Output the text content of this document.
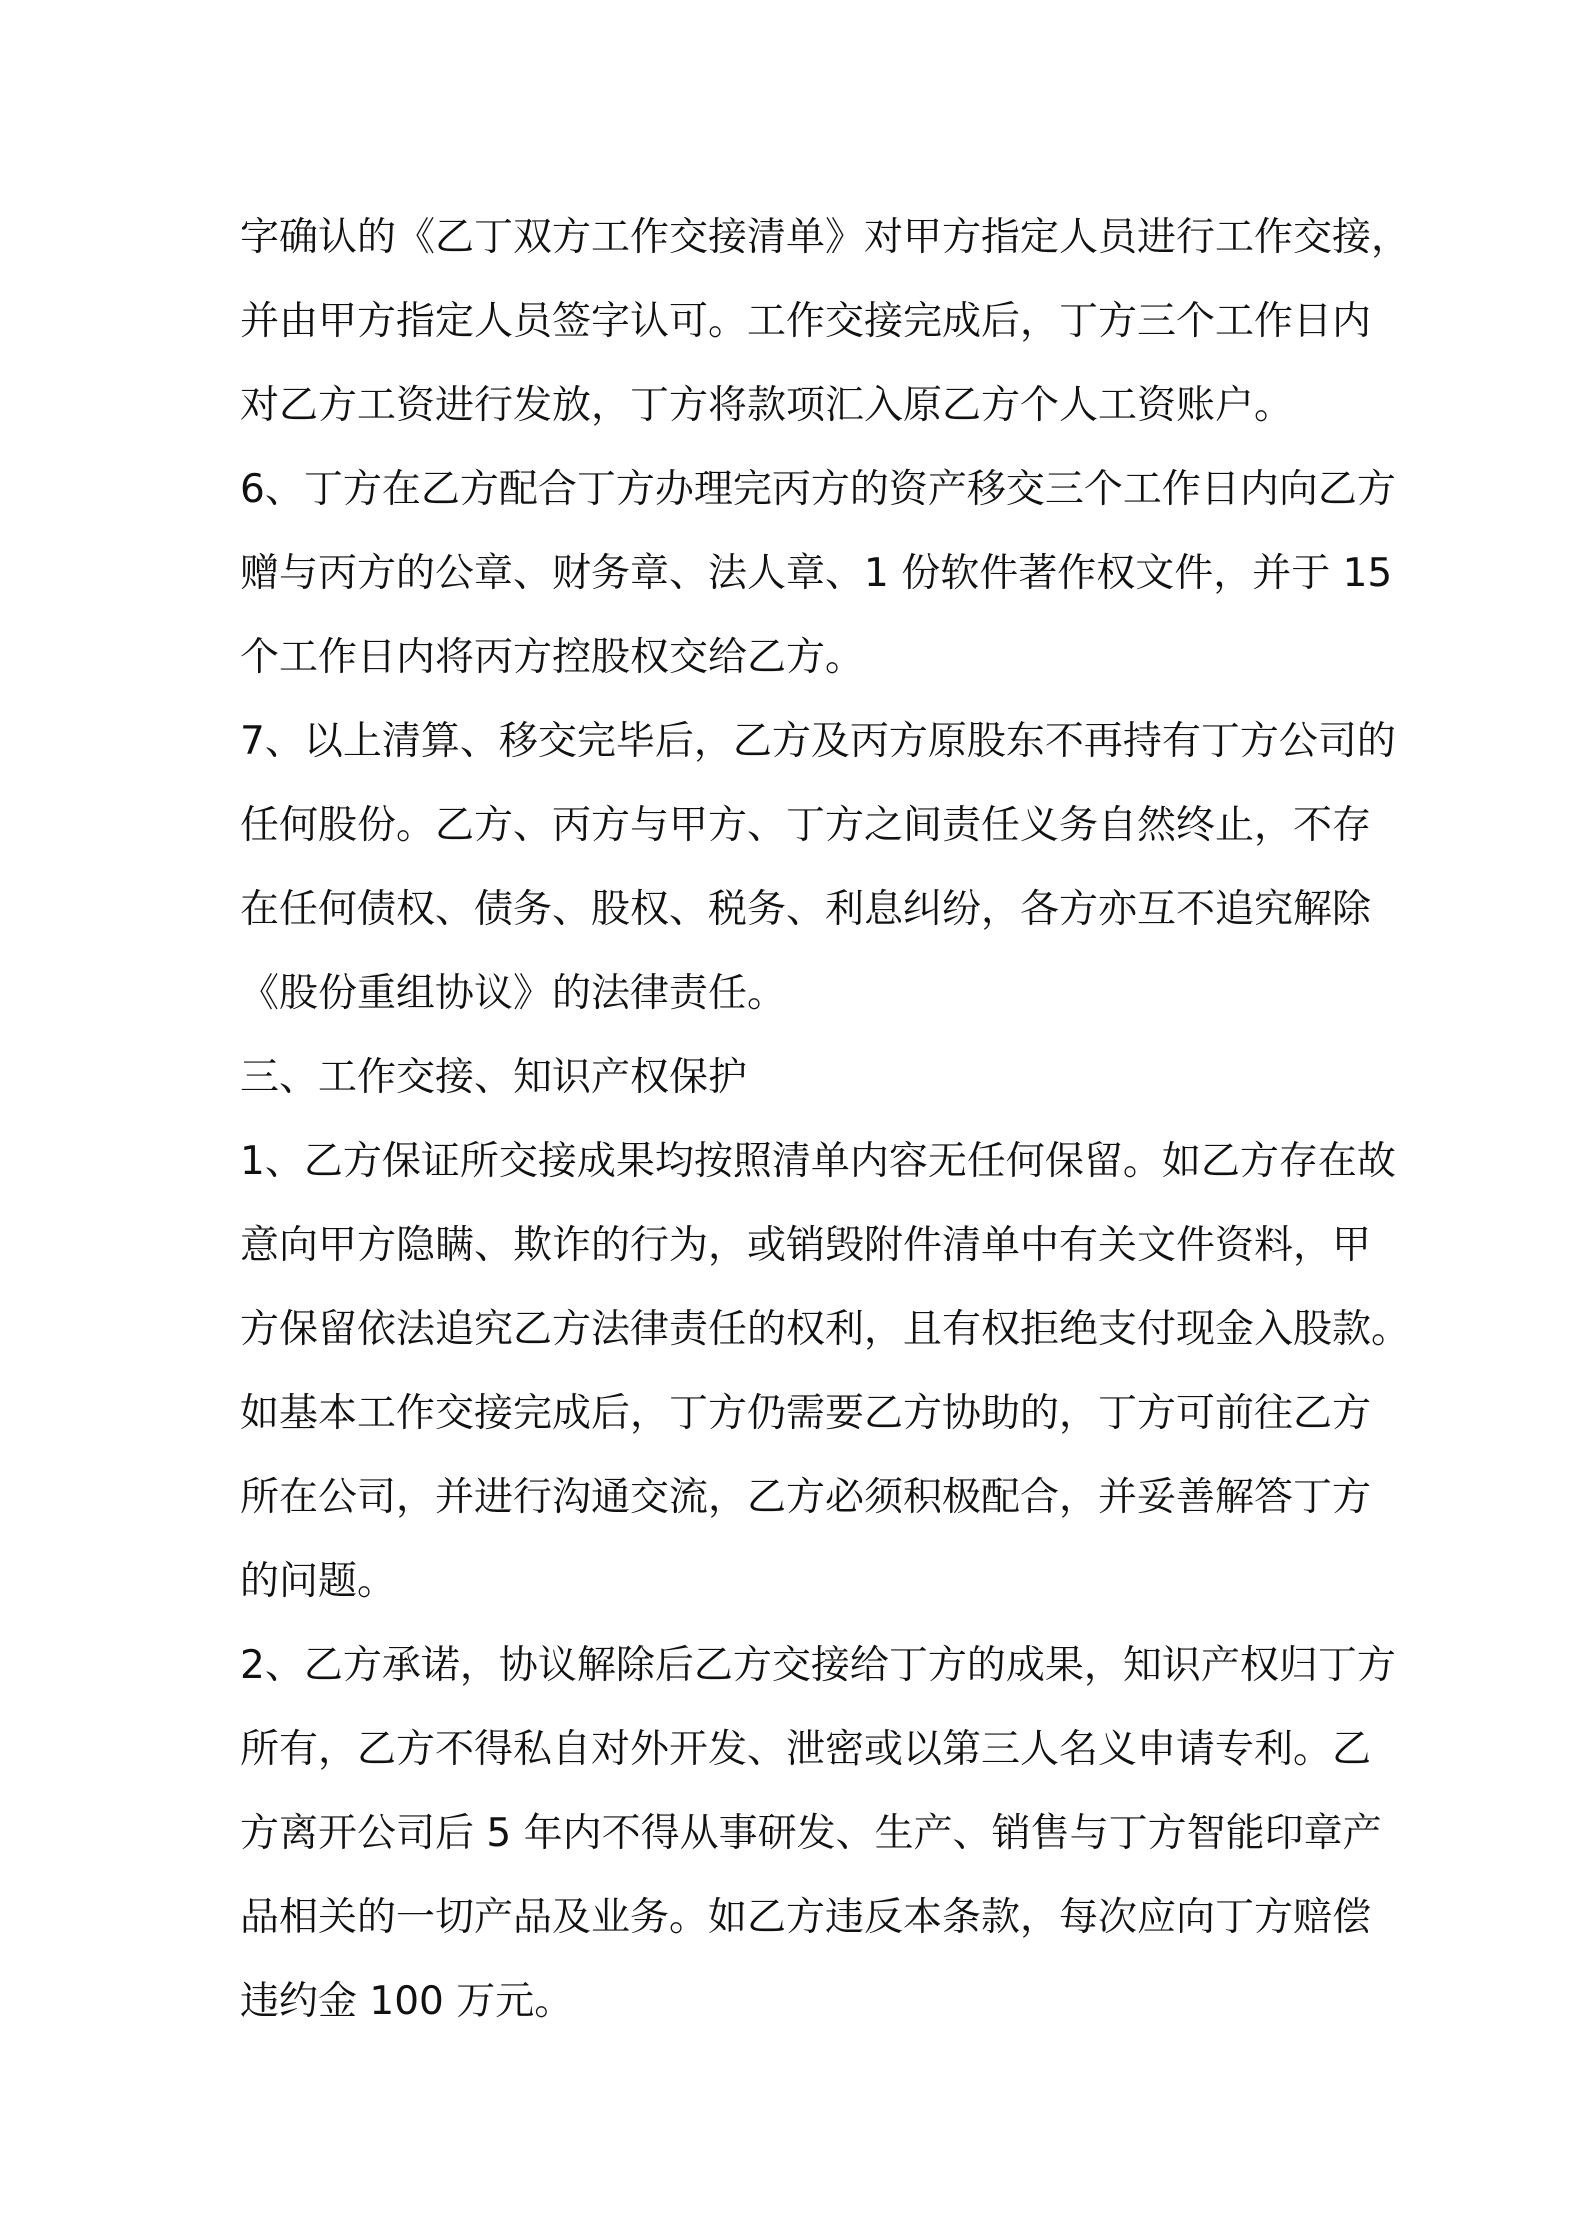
字确认的《乙丁双方工作交接清单》对甲方指定人员进行工作交接，
并由甲方指定人员签字认可。工作交接完成后，丁方三个工作日内
对乙方工资进行发放，丁方将款项汇入原乙方个人工资账户。
6、丁方在乙方配合丁方办理完丙方的资产移交三个工作日内向乙方
赠与丙方的公章、财务章、法人章、1 份软件著作权文件，并于 15
个工作日内将丙方控股权交给乙方。
7、以上清算、移交完毕后，乙方及丙方原股东不再持有丁方公司的
任何股份。乙方、丙方与甲方、丁方之间责任义务自然终止，不存
在任何债权、债务、股权、税务、利息纠纷，各方亦互不追究解除
《股份重组协议》的法律责任。
三、工作交接、知识产权保护
1、乙方保证所交接成果均按照清单内容无任何保留。如乙方存在故
意向甲方隐瞒、欺诈的行为，或销毁附件清单中有关文件资料，甲
方保留依法追究乙方法律责任的权利，且有权拒绝支付现金入股款。
如基本工作交接完成后，丁方仍需要乙方协助的，丁方可前往乙方
所在公司，并进行沟通交流，乙方必须积极配合，并妥善解答丁方
的问题。
2、乙方承诺，协议解除后乙方交接给丁方的成果，知识产权归丁方
所有，乙方不得私自对外开发、泄密或以第三人名义申请专利。乙
方离开公司后 5 年内不得从事研发、生产、销售与丁方智能印章产
品相关的一切产品及业务。如乙方违反本条款，每次应向丁方赔偿
违约金 100 万元。
